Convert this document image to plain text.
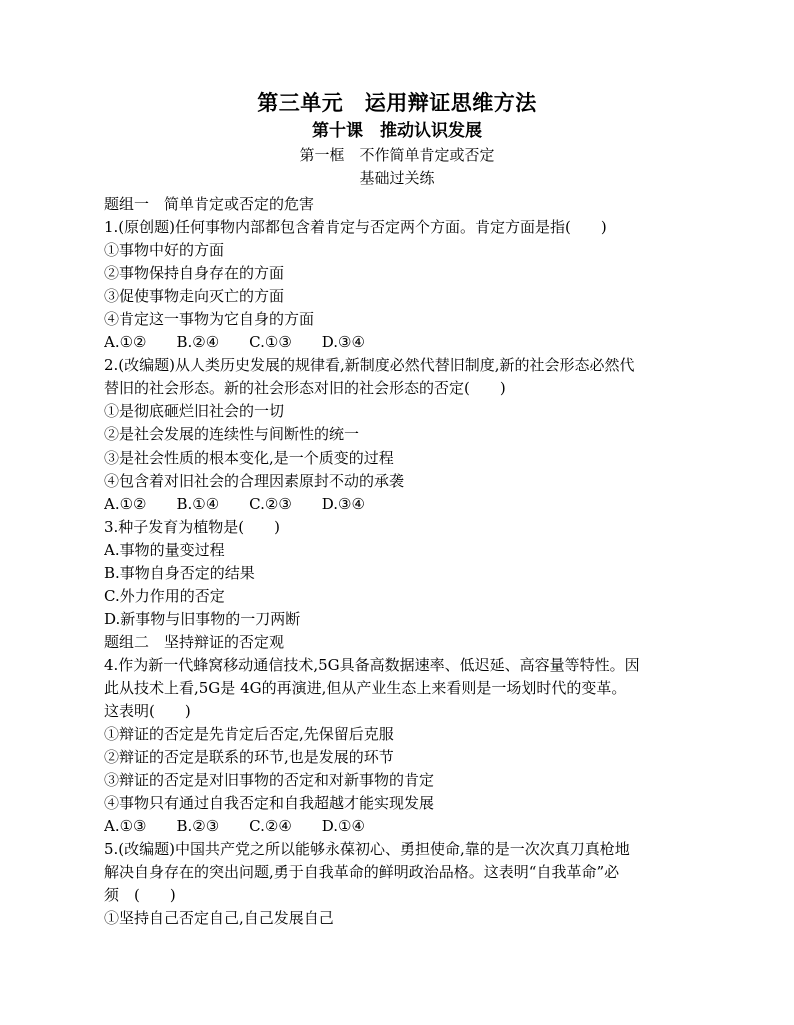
第三单元　运用辩证思维方法
第十课　推动认识发展
第一框　不作简单肯定或否定
基础过关练
题组一　简单肯定或否定的危害
1.(原创题)任何事物内部都包含着肯定与否定两个方面。肯定方面是指(　　)
①事物中好的方面
②事物保持自身存在的方面
③促使事物走向灭亡的方面
④肯定这一事物为它自身的方面
A.①②　　B.②④　　C.①③　　D.③④
2.(改编题)从人类历史发展的规律看,新制度必然代替旧制度,新的社会形态必然代
替旧的社会形态。新的社会形态对旧的社会形态的否定(　　)
①是彻底砸烂旧社会的一切
②是社会发展的连续性与间断性的统一
③是社会性质的根本变化,是一个质变的过程
④包含着对旧社会的合理因素原封不动的承袭
A.①②　　B.①④　　C.②③　　D.③④
3.种子发育为植物是(　　)
A.事物的量变过程
B.事物自身否定的结果
C.外力作用的否定
D.新事物与旧事物的一刀两断
题组二　坚持辩证的否定观
4.作为新一代蜂窝移动通信技术,5G具备高数据速率、低迟延、高容量等特性。因
此从技术上看,5G是 4G的再演进,但从产业生态上来看则是一场划时代的变革。
这表明(　　)
①辩证的否定是先肯定后否定,先保留后克服
②辩证的否定是联系的环节,也是发展的环节
③辩证的否定是对旧事物的否定和对新事物的肯定
④事物只有通过自我否定和自我超越才能实现发展
A.①③　　B.②③　　C.②④　　D.①④
5.(改编题)中国共产党之所以能够永葆初心、勇担使命,靠的是一次次真刀真枪地
解决自身存在的突出问题,勇于自我革命的鲜明政治品格。这表明“自我革命”必
须　(　　)
①坚持自己否定自己,自己发展自己
